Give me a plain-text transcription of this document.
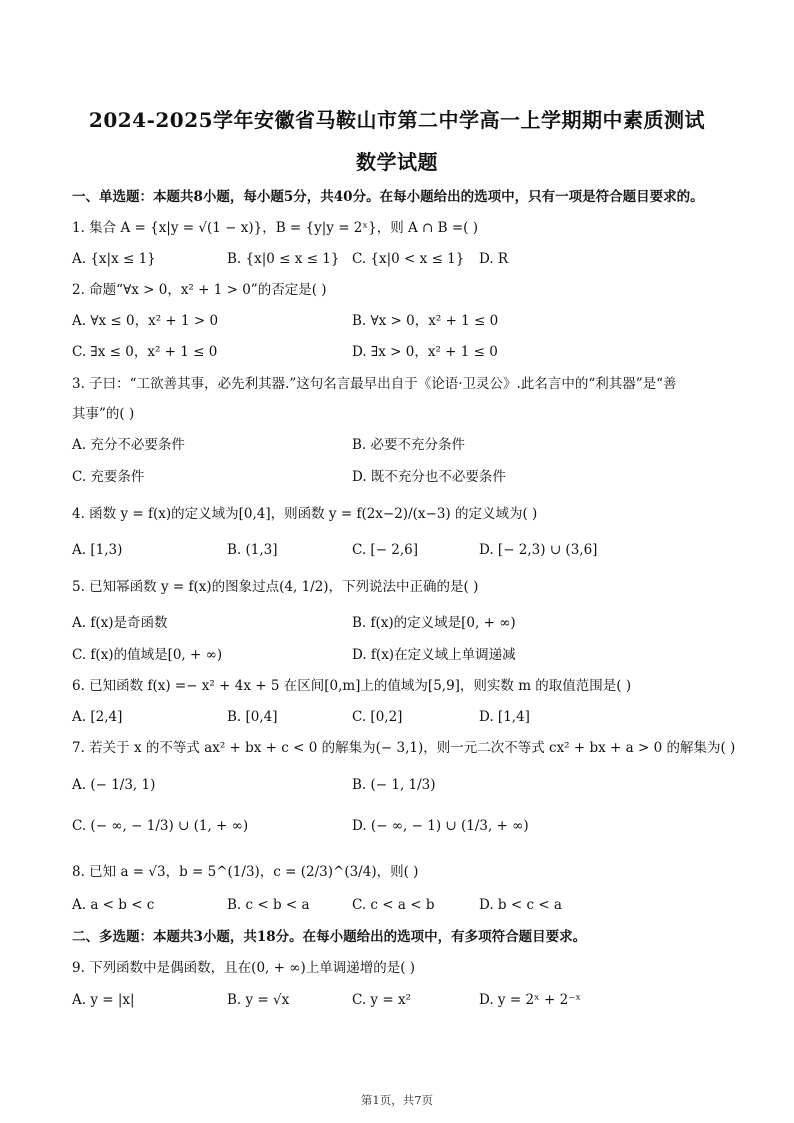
2024-2025学年安徽省马鞍山市第二中学高一上学期期中素质测试
数学试题
一、单选题：本题共8小题，每小题5分，共40分。在每小题给出的选项中，只有一项是符合题目要求的。
1. 集合 A = {x|y = √(1 − x)}，B = {y|y = 2ˣ}，则 A ∩ B =( )
A. {x|x ≤ 1}	B. {x|0 ≤ x ≤ 1} C. {x|0 < x ≤ 1} D. R
2. 命题“∀x > 0，x² + 1 > 0”的否定是( )
A. ∀x ≤ 0，x² + 1 > 0	B. ∀x > 0，x² + 1 ≤ 0
C. ∃x ≤ 0，x² + 1 ≤ 0	D. ∃x > 0，x² + 1 ≤ 0
3. 子曰：“工欲善其事，必先利其器.”这句名言最早出自于《论语·卫灵公》.此名言中的“利其器”是“善
其事”的( )
A. 充分不必要条件	B. 必要不充分条件
C. 充要条件	D. 既不充分也不必要条件
4. 函数 y = f(x)的定义域为[0,4]，则函数 y = f(2x−2)/(x−3) 的定义域为( )
A. [1,3)	B. (1,3]	C. [− 2,6]	D. [− 2,3) ∪ (3,6]
5. 已知幂函数 y = f(x)的图象过点(4, 1/2)，下列说法中正确的是( )
A. f(x)是奇函数	B. f(x)的定义域是[0, + ∞)
C. f(x)的值域是[0, + ∞)	D. f(x)在定义域上单调递减
6. 已知函数 f(x) =− x² + 4x + 5 在区间[0,m]上的值域为[5,9]，则实数 m 的取值范围是( )
A. [2,4]	B. [0,4]	C. [0,2]	D. [1,4]
7. 若关于 x 的不等式 ax² + bx + c < 0 的解集为(− 3,1)，则一元二次不等式 cx² + bx + a > 0 的解集为( )
A. (− 1/3, 1)	B. (− 1, 1/3)
C. (− ∞, − 1/3) ∪ (1, + ∞)	D. (− ∞, − 1) ∪ (1/3, + ∞)
8. 已知 a = √3，b = 5^(1/3)，c = (2/3)^(3/4)，则( )
A. a < b < c	B. c < b < a	C. c < a < b	D. b < c < a
二、多选题：本题共3小题，共18分。在每小题给出的选项中，有多项符合题目要求。
9. 下列函数中是偶函数，且在(0, + ∞)上单调递增的是( )
A. y = |x|	B. y = √x	C. y = x²	D. y = 2ˣ + 2⁻ˣ
第1页，共7页
